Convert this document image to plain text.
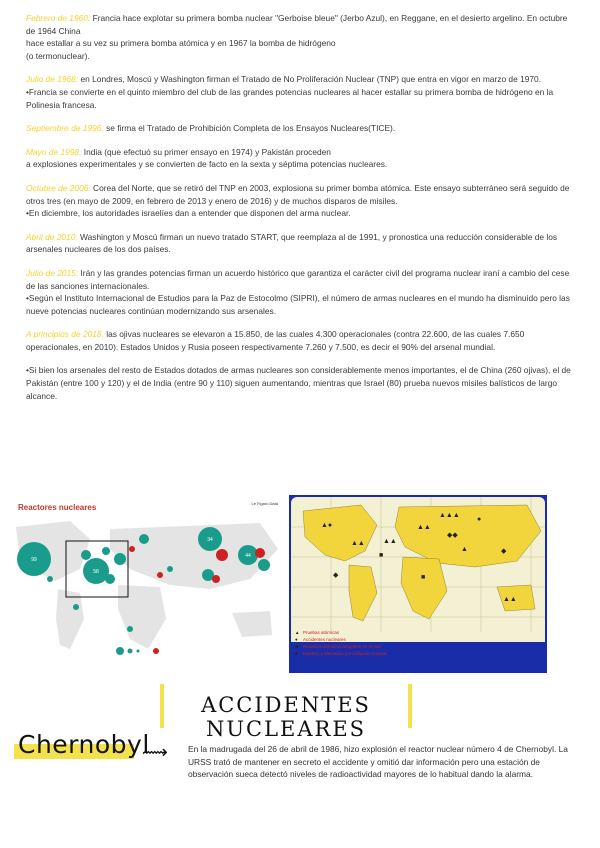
Febrero de 1960: Francia hace explotar su primera bomba nuclear "Gerboise bleue" (Jerbo Azul), en Reggane, en el desierto argelino. En octubre de 1964 China

hace estallar a su vez su primera bomba atómica y en 1967 la bomba de hidrógeno

(o termonuclear).

Julio de 1968: en Londres, Moscú y Washington firman el Tratado de No Proliferación Nuclear (TNP) que entra en vigor en marzo de 1970.

•Francia se convierte en el quinto miembro del club de las grandes potencias nucleares al hacer estallar su primera bomba de hidrógeno en la Polinesia francesa.

Septiembre de 1996: se firma el Tratado de Prohibición Completa de los Ensayos Nucleares(TICE).

Mayo de 1998: India (que efectuó su primer ensayo en 1974) y Pakistán proceden

a explosiones experimentales y se convierten de facto en la sexta y séptima potencias nucleares.

Octubre de 2006: Corea del Norte, que se retiró del TNP en 2003, explosiona su primer bomba atómica. Este ensayo subterráneo será seguido de otros tres (en mayo de 2009, en febrero de 2013 y enero de 2016) y de muchos disparos de misiles.

•En diciembre, los autoridades israelíes dan a entender que disponen del arma nuclear.

Abril de 2010: Washington y Moscú firman un nuevo tratado START, que reemplaza al de 1991, y pronostica una reducción considerable de los arsenales nucleares de los dos países.

Julio de 2015: Irán y las grandes potencias firman un acuerdo histórico que garantiza el carácter civil del programa nuclear iraní a cambio del cese de las sanciones internacionales.

•Según el Instituto Internacional de Estudios para la Paz de Estocolmo (SIPRI), el número de armas nucleares en el mundo ha disminuido pero las nueve potencias nucleares continúan modernizando sus arsenales.

A principios de 2018, las ojivas nucleares se elevaron a 15.850, de las cuales 4.300 operacionales (contra 22.600, de las cuales 7.650 operacionales, en 2010). Estados Unidos y Rusia poseen respectivamente 7.260 y 7.500, es decir el 90% del arsenal mundial.

•Si bien los arsenales del resto de Estados dotados de armas nucleares son considerablemente menos importantes, el de China (260 ojivas), el de Pakistán (entre 100 y 120) y el de India (entre 90 y 110) siguen aumentando, mientras que Israel (80) prueba nuevos misiles balísticos de largo alcance.

Reactores nucleares	Le Figaro Data
99
58
34
44
▲▲▲
▲▲
▲▲
◆◆
▲●
▲▲
●
▲	◆
■
▲▲
■
◆
▲ Pruebas atómicas
● Accidentes nucleares
◆ Residuos atómicos arrojados en el mar
■ Muertes y afectados por radiación nuclear
ACCIDENTES NUCLEARES
Chernobyl
⟿ En la madrugada del 26 de abril de 1986, hizo explosión el reactor nuclear número 4 de Chernobyl. La URSS trató de mantener en secreto el accidente y omitió dar información pero una estación de observación sueca detectó niveles de radioactividad mayores de lo habitual dando la alarma.
